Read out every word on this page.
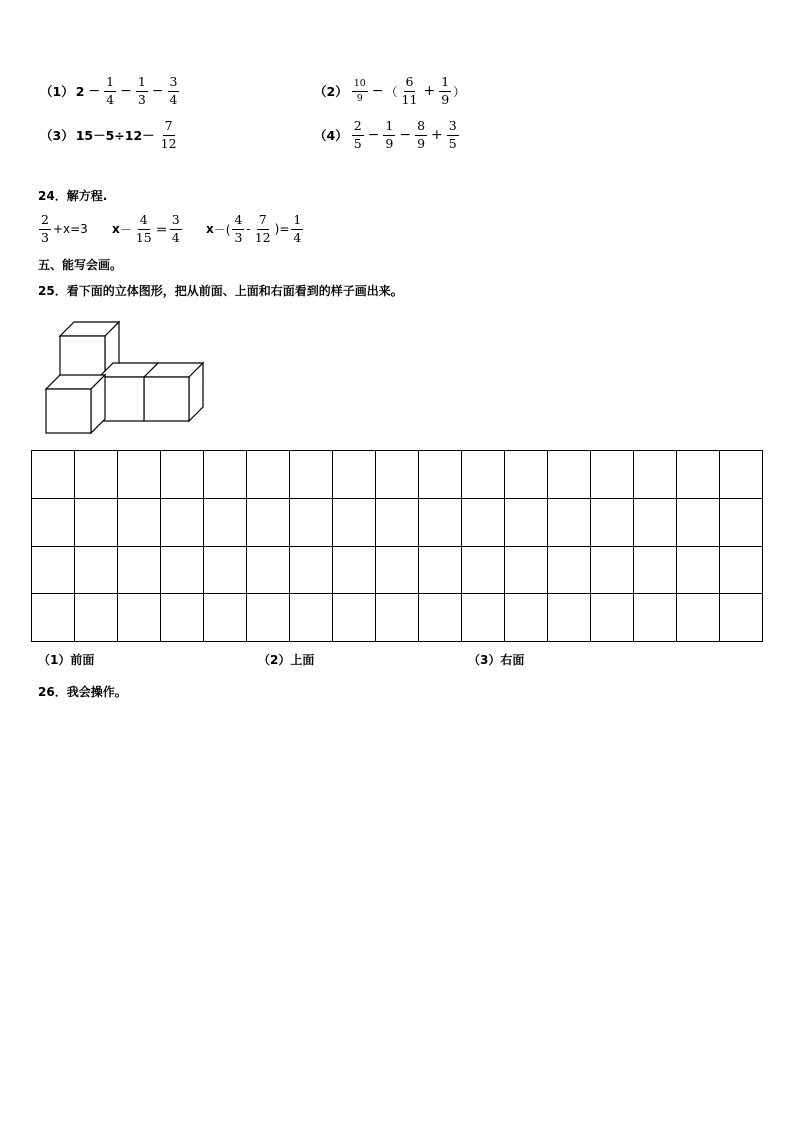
（1） $2 - \frac{1}{4} - \frac{1}{3} - \frac{3}{4}$	$(2) \frac{10}{9}$ − （ $\frac{6}{11} + \frac{1}{9}$ ）
（3） $15-5\div 12- \frac{7}{12}$	$(4) \frac{2}{5} - \frac{1}{9} - \frac{8}{9} + \frac{3}{5}$
24．解方程.
$\frac{2}{3} +x=3$ $x - \frac{4}{15} = \frac{3}{4}$ x －( $\frac{4}{3} - \frac{7}{12}$ )= $\frac{1}{4}$
五、能写会画。
25．看下面的立体图形，把从前面、上面和右面看到的样子画出来。

（1）前面	（2）上面	（3）右面
26．我会操作。
